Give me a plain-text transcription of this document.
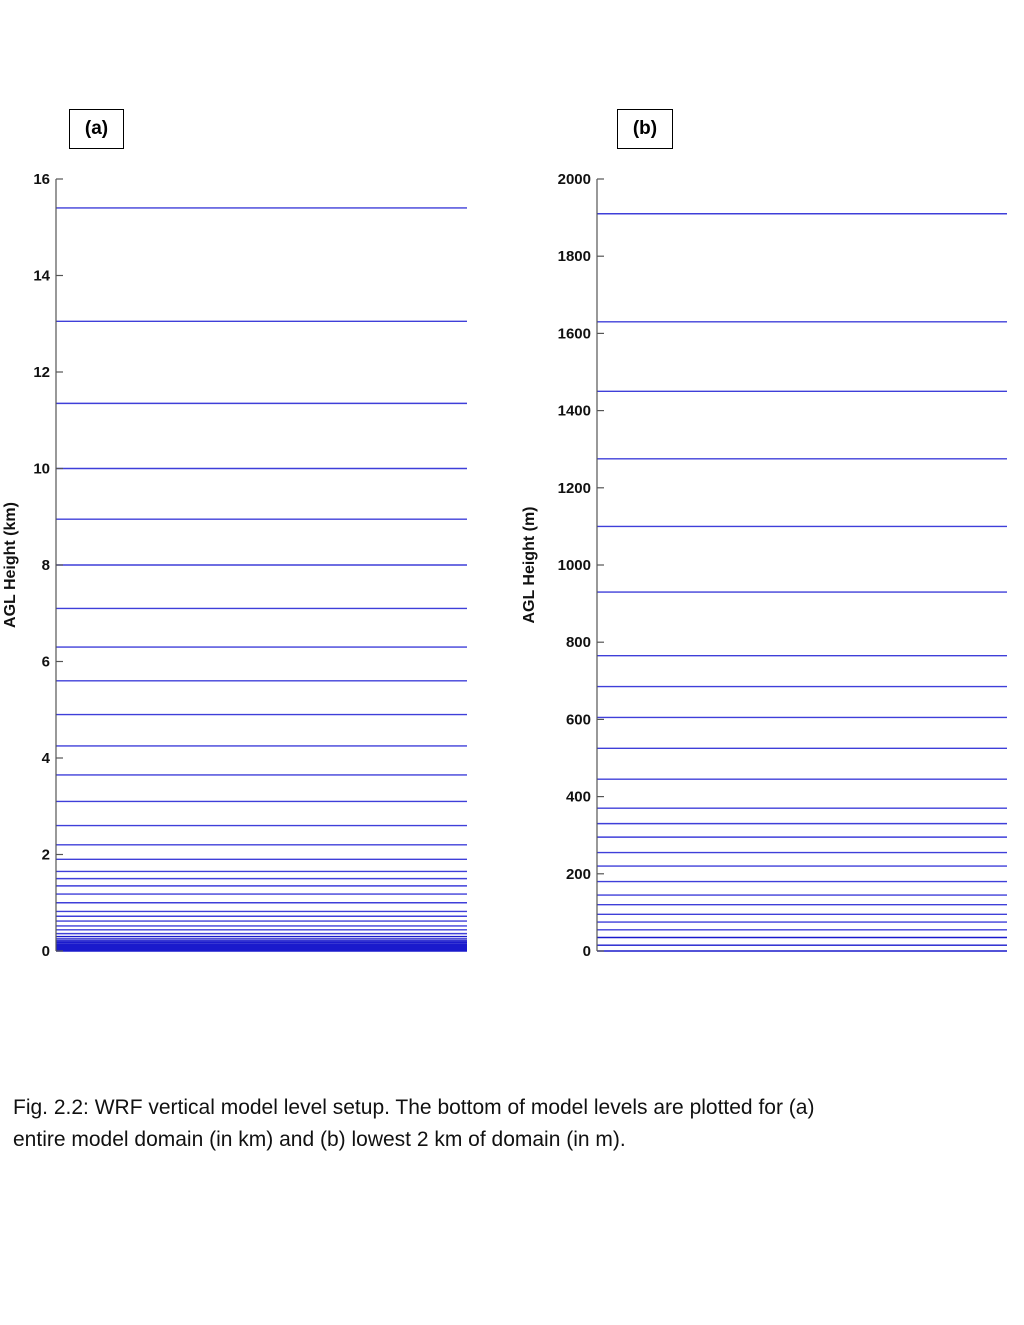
(a)	(b)
0
2
4
6
8
10
12
14
16
AGL Height (km)
0
200
400
600
800
1000
1200
1400
1600
1800
2000
AGL Height (m)
Fig. 2.2: WRF vertical model level setup. The bottom of model levels are plotted for (a)
entire model domain (in km) and (b) lowest 2 km of domain (in m).
